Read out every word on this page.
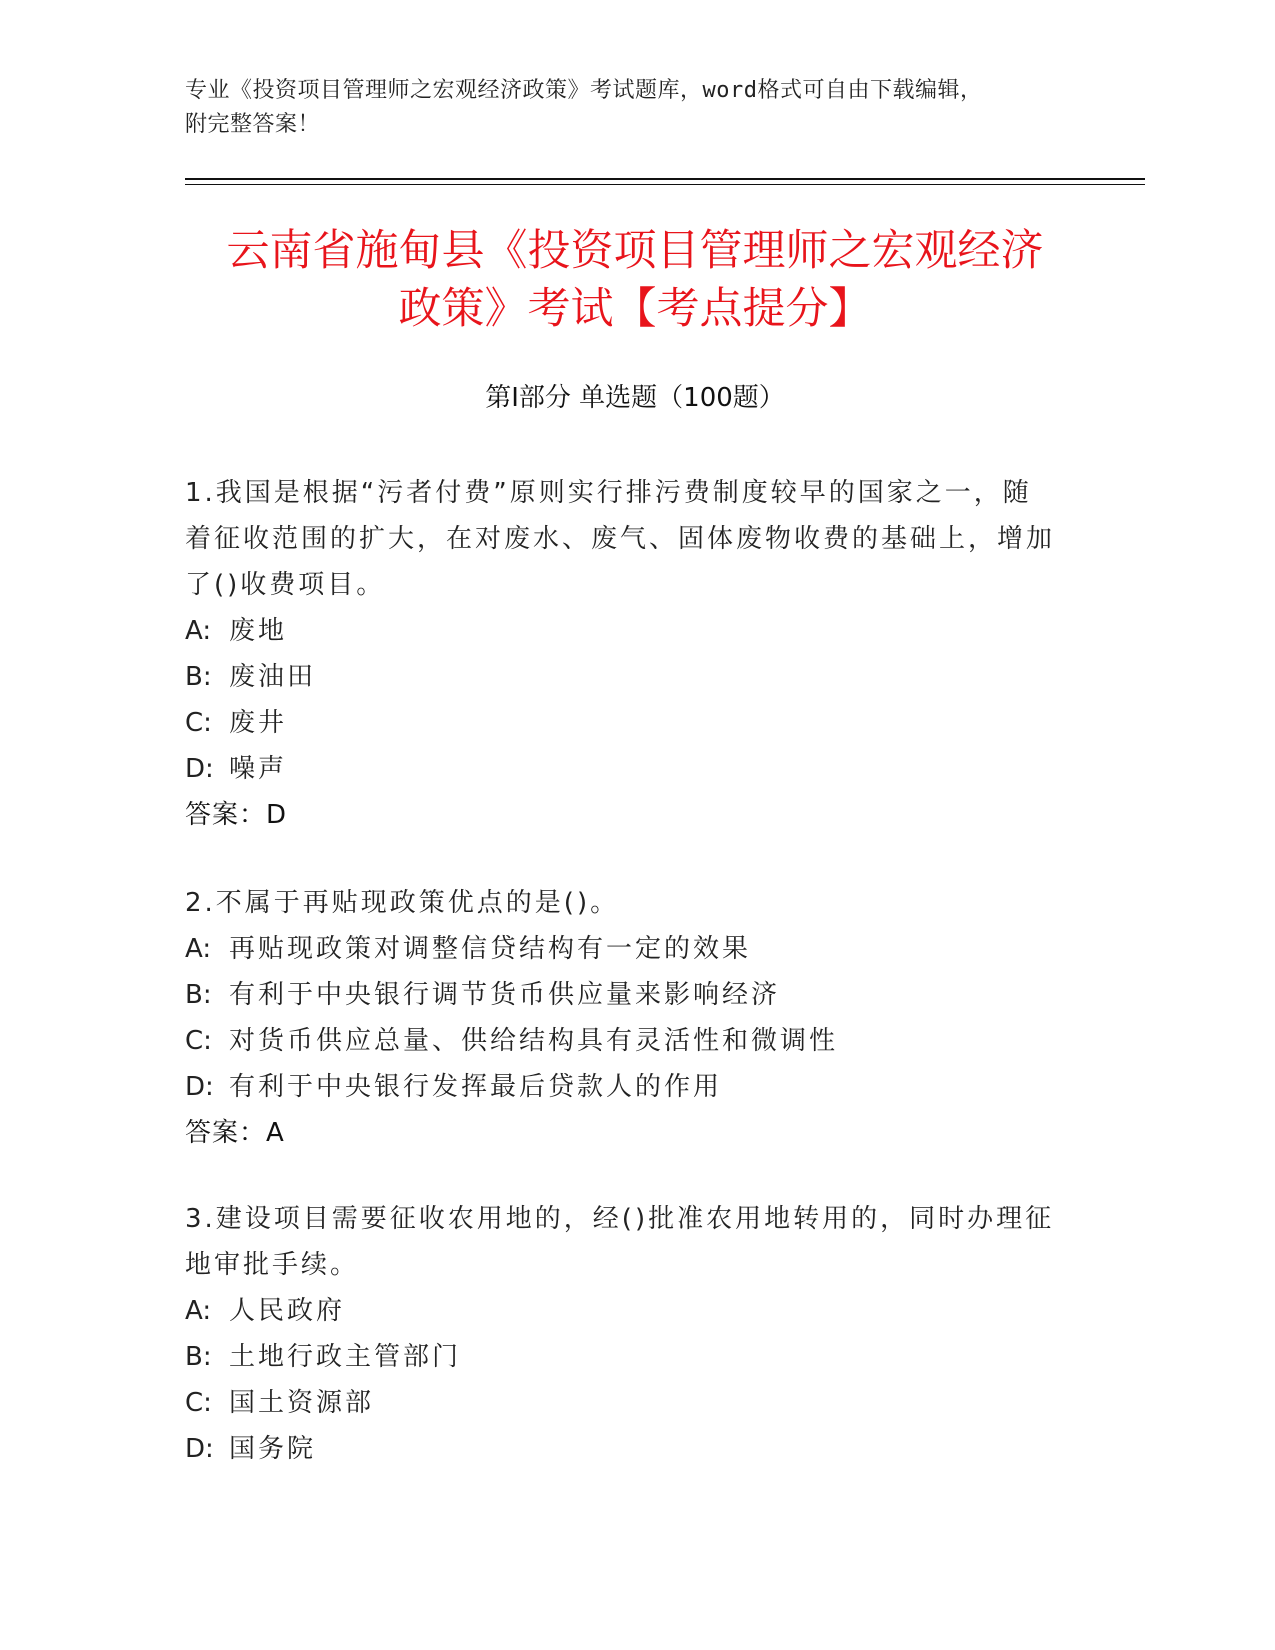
专业《投资项目管理师之宏观经济政策》考试题库，word格式可自由下载编辑，
附完整答案！
云南省施甸县《投资项目管理师之宏观经济
政策》考试【考点提分】
第Ⅰ部分 单选题（100题）
1.我国是根据“污者付费”原则实行排污费制度较早的国家之一，随
着征收范围的扩大，在对废水、废气、固体废物收费的基础上，增加
了()收费项目。
A: 废地
B: 废油田
C: 废井
D: 噪声
答案：D
2.不属于再贴现政策优点的是()。
A: 再贴现政策对调整信贷结构有一定的效果
B: 有利于中央银行调节货币供应量来影响经济
C: 对货币供应总量、供给结构具有灵活性和微调性
D: 有利于中央银行发挥最后贷款人的作用
答案：A
3.建设项目需要征收农用地的，经()批准农用地转用的，同时办理征
地审批手续。
A: 人民政府
B: 土地行政主管部门
C: 国土资源部
D: 国务院
